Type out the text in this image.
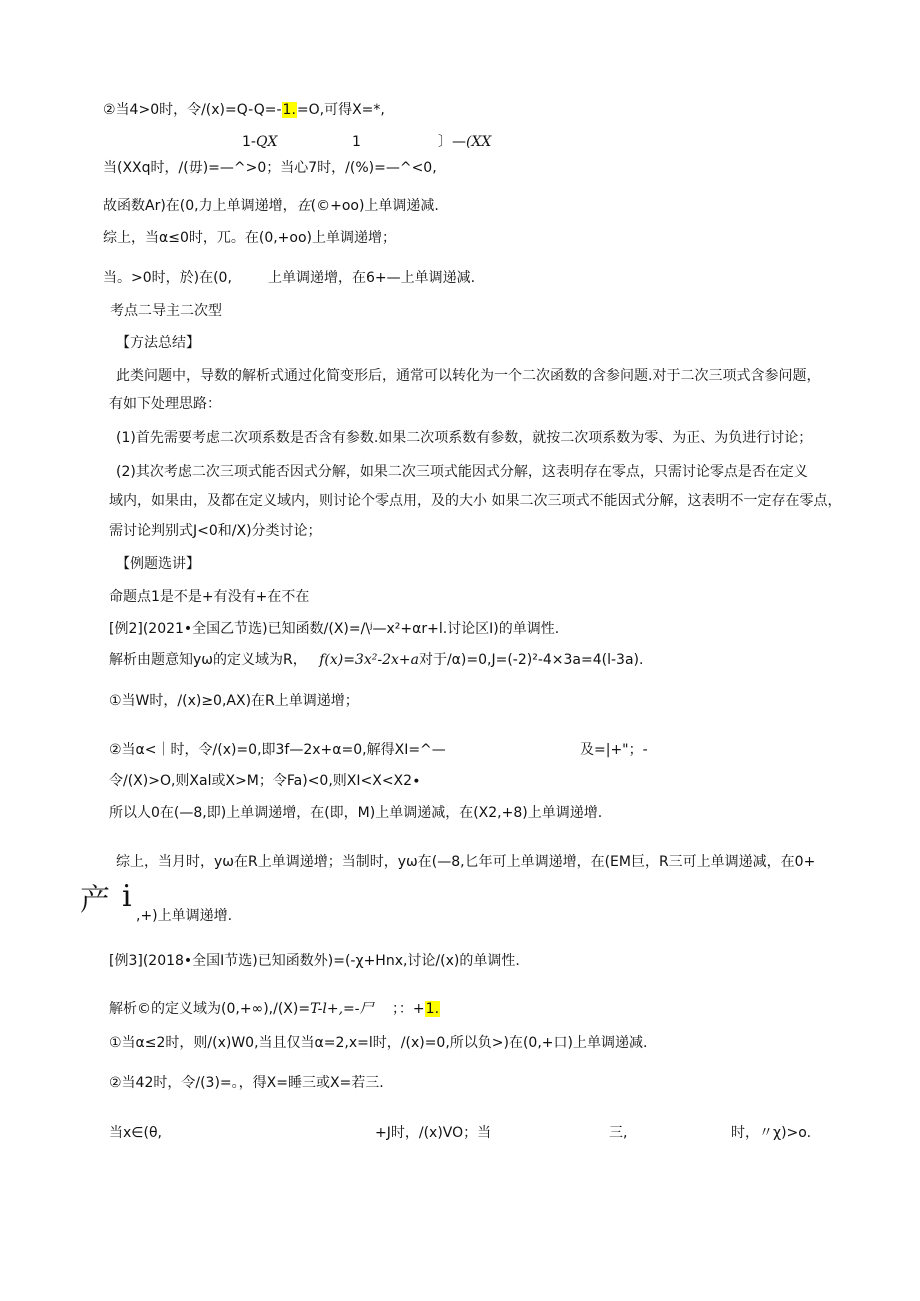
②当4>0时，令/(x)=Q-Q=-1.=O,可得X=*,
1-QX	1	〕—(XX
当(XXq时，/(毋)=—^>0；当心7时，/(%)=—^<0,
故函数Ar)在(0,力上单调递增，在(©+oo)上单调递减.
综上，当α≤0时，兀。在(0,+oo)上单调递增；
当。>0时，於)在(0,	上单调递增，在6+—上单调递减.
考点二导主二次型
【方法总结】
此类问题中，导数的解析式通过化简变形后，通常可以转化为一个二次函数的含参问题.对于二次三项式含参问题，
有如下处理思路：
(1)首先需要考虑二次项系数是否含有参数.如果二次项系数有参数，就按二次项系数为零、为正、为负进行讨论；
(2)其次考虑二次三项式能否因式分解，如果二次三项式能因式分解，这表明存在零点，只需讨论零点是否在定义
域内，如果由，及都在定义域内，则讨论个零点用，及的大小 如果二次三项式不能因式分解，这表明不一定存在零点，
需讨论判别式J<0和/X)分类讨论；
【例题选讲】
命题点1是不是+有没有+在不在
[例2](2021•全国乙节选)已知函数/(X)=/\ʲ—x²+αr+l.讨论区I)的单调性.
解析由题意知yω的定义域为R， f(x)=3x²-2x+a对于/α)=0,J=(-2)²-4×3a=4(l-3a).
①当W时，/(x)≥0,AX)在R上单调递增；
②当α<｜时，令/(x)=0,即3f—2x+α=0,解得XI=^—	及=|+"；-
令/(X)>O,则Xal或X>M；令Fa)<0,则XI<X<X2∙
所以人0在(—8,即)上单调递增，在(即，M)上单调递减，在(X2,+8)上单调递增.
综上，当月时，yω在R上单调递增；当制时，yω在(—8,匕年可上单调递增，在(EM巨，R三可上单调递减，在0+
产 i
,+)上单调递增.
[例3](2018•全国I节选)已知函数外)=(-χ+Hnx,讨论/(x)的单调性.
解析©的定义域为(0,+∞),/(X)=T-l+,=-尸 ；：+1.
①当α≤2时，则/(x)W0,当且仅当α=2,x=l时，/(x)=0,所以负>)在(0,+口)上单调递减.
②当42时，令/(3)=。，得X=睡三或X=若三.
当x∈(θ,	+J时，/(x)VO；当	三,	时，〃χ)>o.
